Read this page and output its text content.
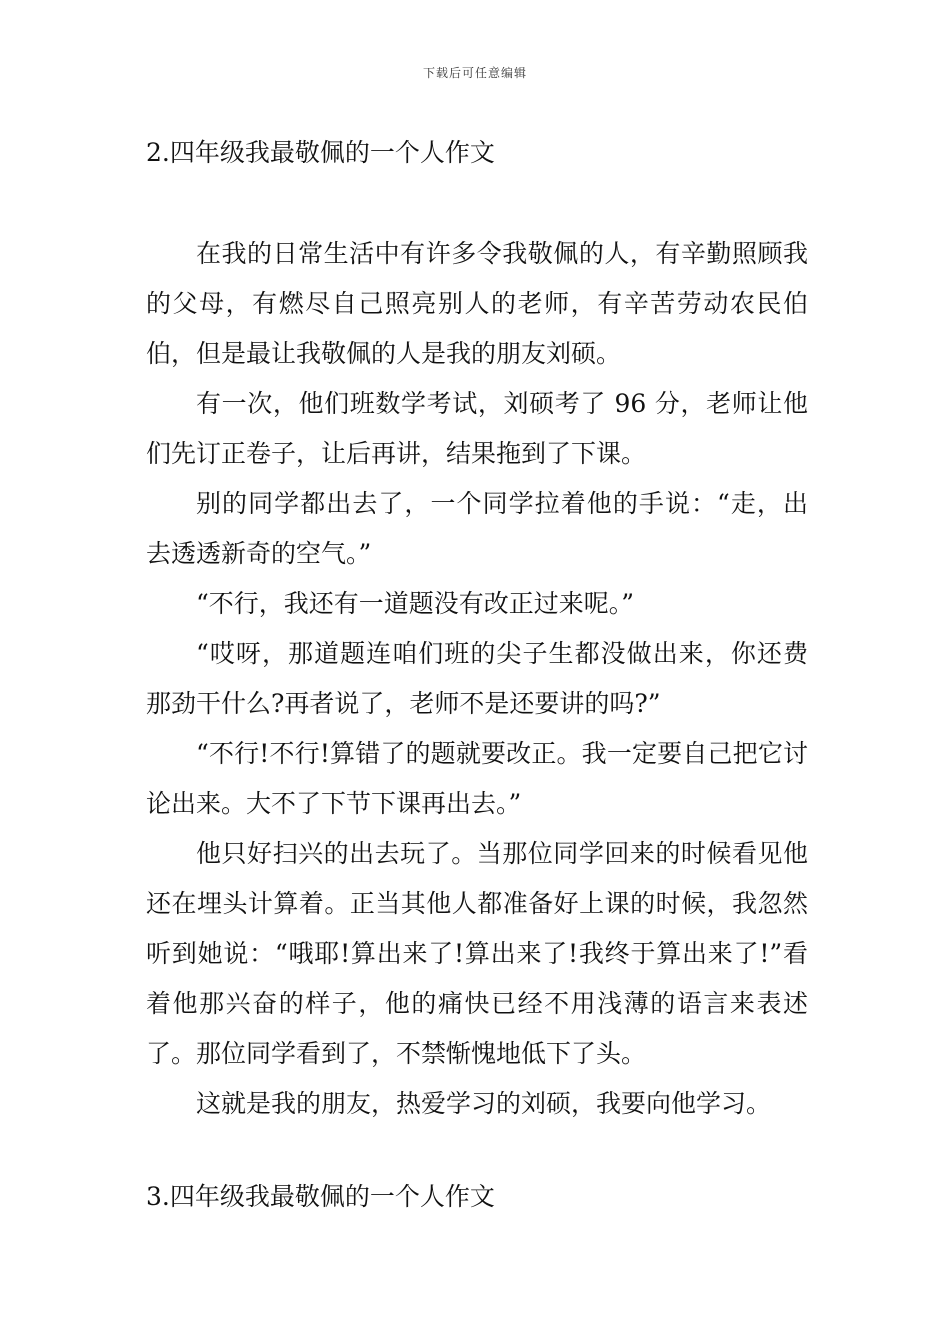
下载后可任意编辑
2.四年级我最敬佩的一个人作文

在我的日常生活中有许多令我敬佩的人，有辛勤照顾我的父母，有燃尽自己照亮别人的老师，有辛苦劳动农民伯伯，但是最让我敬佩的人是我的朋友刘硕。

有一次，他们班数学考试，刘硕考了 96 分，老师让他们先订正卷子，让后再讲，结果拖到了下课。

别的同学都出去了，一个同学拉着他的手说：“走，出去透透新奇的空气。”

“不行，我还有一道题没有改正过来呢。”

“哎呀，那道题连咱们班的尖子生都没做出来，你还费那劲干什么?再者说了，老师不是还要讲的吗?”

“不行!不行!算错了的题就要改正。我一定要自己把它讨论出来。大不了下节下课再出去。”

他只好扫兴的出去玩了。当那位同学回来的时候看见他还在埋头计算着。正当其他人都准备好上课的时候，我忽然听到她说：“哦耶!算出来了!算出来了!我终于算出来了!”看着他那兴奋的样子，他的痛快已经不用浅薄的语言来表述了。那位同学看到了，不禁惭愧地低下了头。

这就是我的朋友，热爱学习的刘硕，我要向他学习。

3.四年级我最敬佩的一个人作文
